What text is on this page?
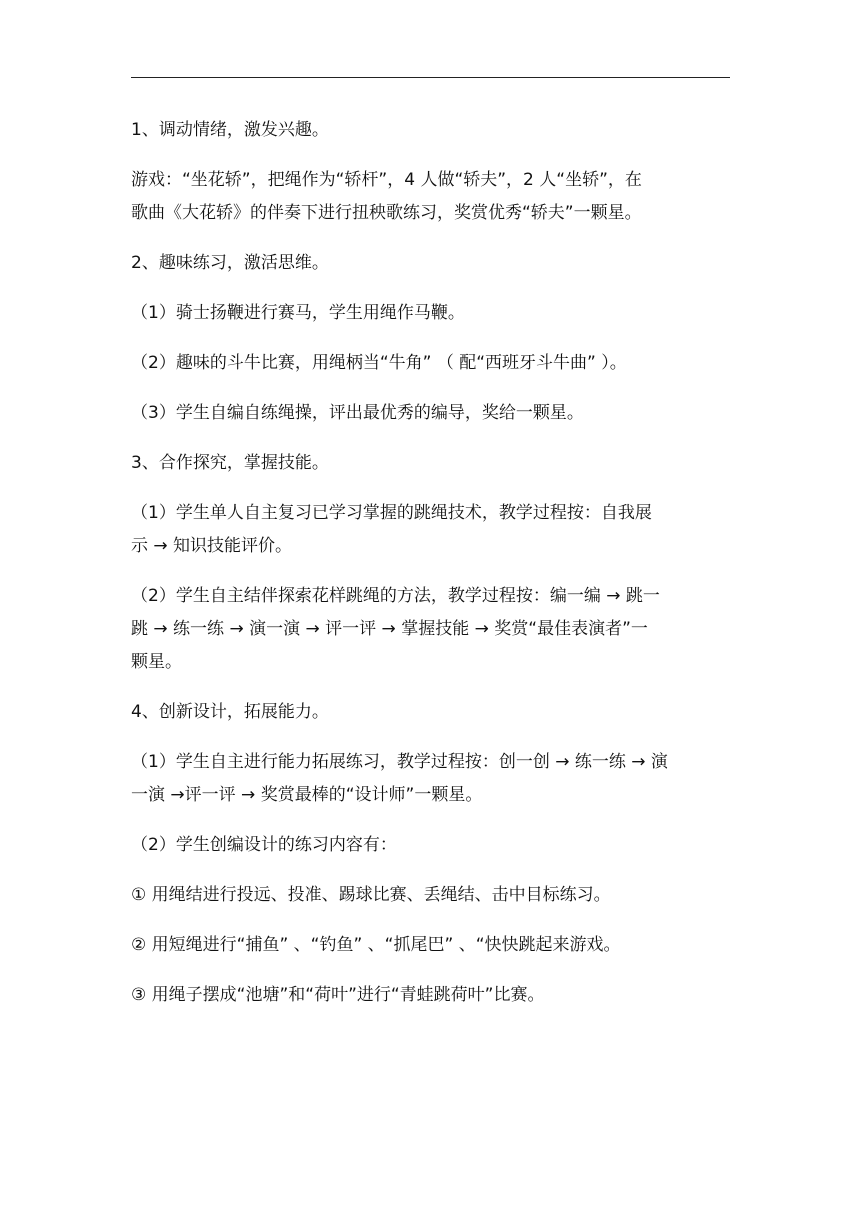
1、调动情绪，激发兴趣。

游戏：“坐花轿”，把绳作为“轿杆”，4 人做“轿夫”，2 人“坐轿”，在
歌曲《大花轿》的伴奏下进行扭秧歌练习，奖赏优秀“轿夫”一颗星。

2、趣味练习，激活思维。

（1）骑士扬鞭进行赛马，学生用绳作马鞭。

（2）趣味的斗牛比赛，用绳柄当“牛角” （ 配“西班牙斗牛曲” ）。

（3）学生自编自练绳操，评出最优秀的编导，奖给一颗星。

3、合作探究，掌握技能。

（1）学生单人自主复习已学习掌握的跳绳技术，教学过程按：自我展
示 → 知识技能评价。

（2）学生自主结伴探索花样跳绳的方法，教学过程按：编一编 → 跳一
跳 → 练一练 → 演一演 → 评一评 → 掌握技能 → 奖赏“最佳表演者”一
颗星。

4、创新设计，拓展能力。

（1）学生自主进行能力拓展练习，教学过程按：创一创 → 练一练 → 演
一演 →评一评 → 奖赏最棒的“设计师”一颗星。

（2）学生创编设计的练习内容有：

① 用绳结进行投远、投准、踢球比赛、丢绳结、击中目标练习。

② 用短绳进行“捕鱼” 、“钓鱼” 、“抓尾巴” 、“快快跳起来游戏。

③ 用绳子摆成“池塘”和“荷叶”进行“青蛙跳荷叶”比赛。
